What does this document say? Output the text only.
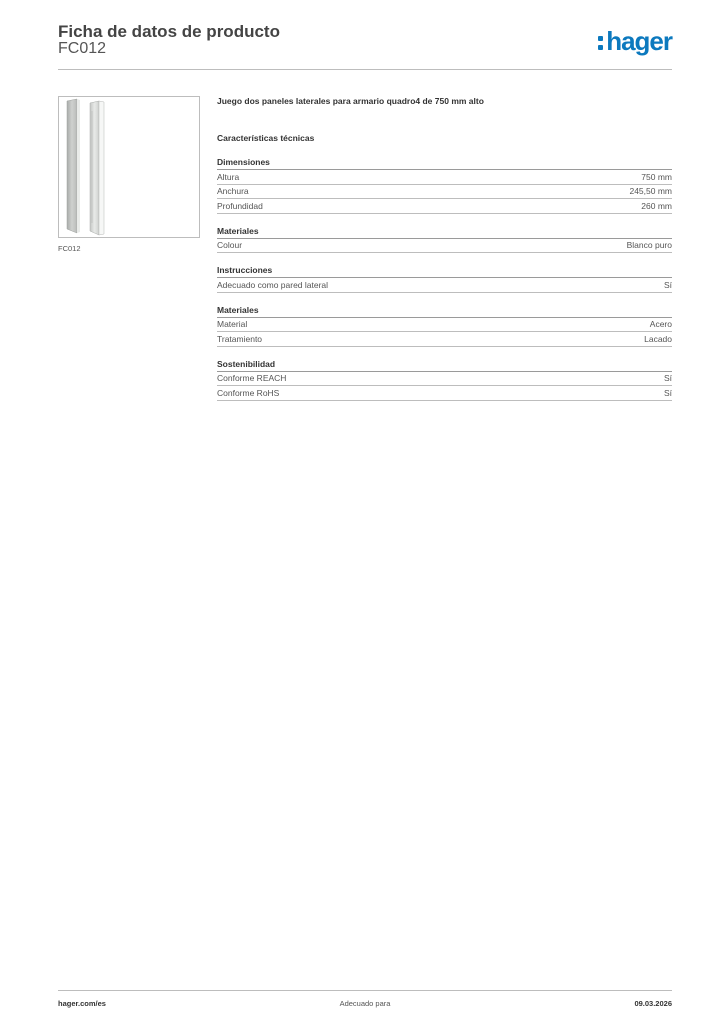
Ficha de datos de producto
FC012	hager
FC012
Juego dos paneles laterales para armario quadro4 de 750 mm alto
Características técnicas
Dimensiones
Altura	750 mm
Anchura	245,50 mm
Profundidad	260 mm
Materiales
Colour	Blanco puro
Instrucciones
Adecuado como pared lateral	Sí
Materiales
Material	Acero
Tratamiento	Lacado
Sostenibilidad
Conforme REACH	Sí
Conforme RoHS	Sí
hager.com/es	Adecuado para	09.03.2026
